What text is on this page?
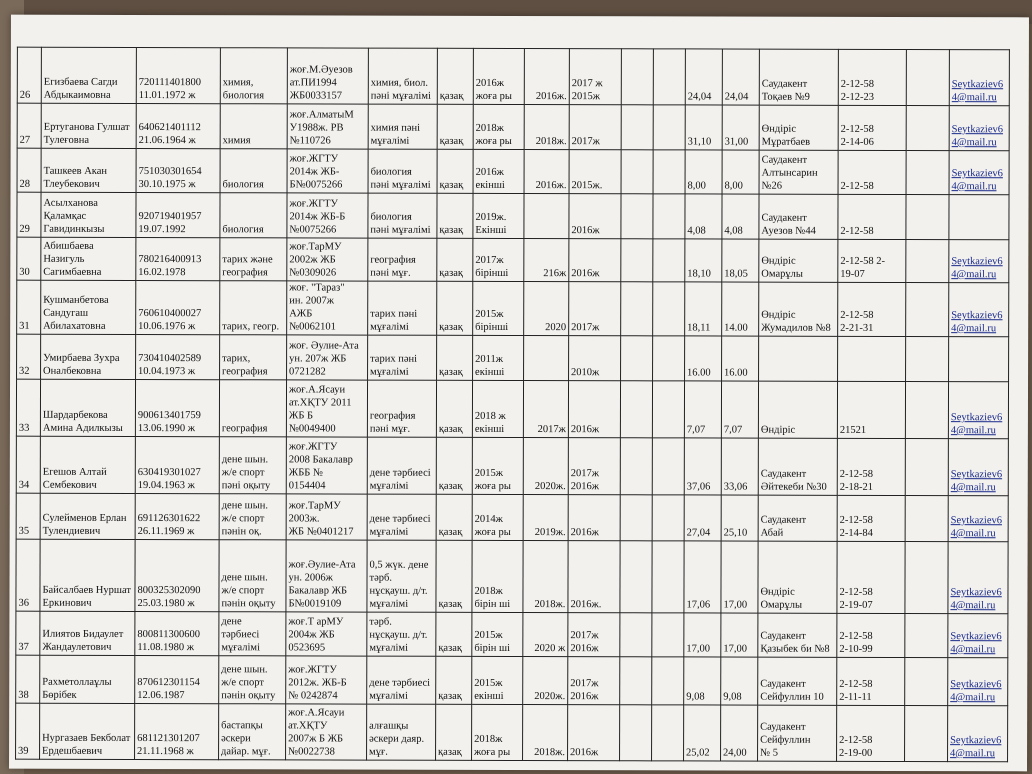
26	Егизбаева Сагди Абдыкаимовна	720111401800
11.01.1972 ж	химия,
биология	жоғ.М.Әуезов
ат.ПИ1994
ЖБ0033157	химия, биол.
пәні мұғалімі	қазақ	2016ж
жоға ры	2016ж.	2017 ж
2015ж			24,04	24,04	Саудакент
Тоқаев №9	2-12-58
2-12-23		Seytkaziev6
4@mail.ru
27	Ертуганова Гулшат
Тулеғовна	640621401112
21.06.1964 ж	химия	жоғ.АлматыМ
У1988ж. РВ
№110726	химия пәні
мұғалімі	қазақ	2018ж
жоға ры	2018ж.	2017ж			31,10	31,00	Өндіріс
Мұратбаев	2-12-58
2-14-06		Seytkaziev6
4@mail.ru
28	Ташкеев Акан
Тлеубекович	751030301654
30.10.1975 ж	биология	жоғ.ЖГТУ
2014ж ЖБ-
Б№0075266	биология
пәні мұғалімі	қазақ	2016ж
екінші	2016ж.	2015ж.			8,00	8,00	Саудакент
Алтынсарин
№26	2-12-58		Seytkaziev6
4@mail.ru
29	Асылханова
Қаламқас
Гавидинкызы	920719401957
19.07.1992	биология	жоғ.ЖГТУ
2014ж ЖБ-Б
№0075266	биология
пәні мұғалімі	қазақ	2019ж.
Екінші		2016ж			4,08	4,08	Саудакент
Ауезов №44	2-12-58		
30	Абишбаева
Назигуль
Сагимбаевна	780216400913
16.02.1978	тарих және
география	жоғ.ТарМУ
2002ж ЖБ
№0309026	география
пәні мұғ.	қазақ	2017ж
бірінші	216ж	2016ж			18,10	18,05	Өндіріс
Омарұлы	2-12-58 2-
19-07		Seytkaziev6
4@mail.ru
31	Кушманбетова
Сандугаш
Абилахатовна	760610400027
10.06.1976 ж	тарих, геогр.	жоғ. "Тараз"
ин. 2007ж
АЖБ
№0062101	тарих пәні
мұғалімі	қазақ	2015ж
бірінші	2020	2017ж			18,11	14.00	Өндіріс
Жумадилов №8	2-12-58
2-21-31		Seytkaziev6
4@mail.ru
32	Умирбаева Зухра
Оналбековна	730410402589
10.04.1973 ж	тарих,
география	жоғ. Әулие-Ата
ун. 207ж ЖБ
0721282	тарих пәні
мұғалімі	қазақ	2011ж
екінші		2010ж			16.00	16.00				
33	Шардарбекова
Амина Адилкызы	900613401759
13.06.1990 ж	география	жоғ.А.Ясауи
ат.ХҚТУ 2011
ЖБ Б
№0049400	география
пәні мұғ.	қазақ	2018 ж
екінші	2017ж	2016ж			7,07	7,07	Өндіріс	21521		Seytkaziev6
4@mail.ru
34	Егешов Алтай
Сембекович	630419301027
19.04.1963 ж	дене шын.
ж/е спорт
пәні оқыту	жоғ.ЖГТУ
2008 Бакалавр
ЖББ №
0154404	дене тәрбиесі
мұғалімі	қазақ	2015ж
жоға ры	2020ж.	2017ж
2016ж			37,06	33,06	Саудакент
Әйтекеби №30	2-12-58
2-18-21		Seytkaziev6
4@mail.ru
35	Сулейменов Ерлан
Тулендиевич	691126301622
26.11.1969 ж	дене шын.
ж/е спорт
пәнін оқ.	жоғ.ТарМУ
2003ж.
ЖБ №0401217	дене тәрбиесі
мұғалімі	қазақ	2014ж
жоға ры	2019ж.	2016ж			27,04	25,10	Саудакент
Абай	2-12-58
2-14-84		Seytkaziev6
4@mail.ru
36	Байсалбаев Нуршат
Еркинович	800325302090
25.03.1980 ж	дене шын.
ж/е спорт
пәнін оқыту	жоғ.Әулие-Ата
ун. 2006ж
Бакалавр ЖБ
Б№0019109	0,5 жүк. дене
тәрб.
нұсқауш. д/т.
мұғалімі	қазақ	2018ж
бірін ші	2018ж.	2016ж.			17,06	17,00	Өндіріс
Омарұлы	2-12-58
2-19-07		Seytkaziev6
4@mail.ru
37	Илиятов Бидаулет
Жандаулетович	800811300600
11.08.1980 ж	дене
тәрбиесі
мұғалімі	жоғ.Т арМУ
2004ж ЖБ
0523695	тәрб.
нұсқауш. д/т.
мұғалімі	қазақ	2015ж
бірін ші	2020 ж	2017ж
2016ж			17,00	17,00	Саудакент
Қазыбек би №8	2-12-58
2-10-99		Seytkaziev6
4@mail.ru
38	Рахметоллаұлы
Бөрібек	870612301154
12.06.1987	дене шын.
ж/е спорт
пәнін оқыту	жоғ.ЖГТУ
2012ж. ЖБ-Б
№ 0242874	дене тәрбиесі
мұғалімі	қазақ	2015ж
екінші	2020ж.	2017ж
2016ж			9,08	9,08	Саудакент
Сейфуллин 10	2-12-58
2-11-11		Seytkaziev6
4@mail.ru
39	Нургазаев Бекболат
Ердешбаевич	681121301207
21.11.1968 ж	бастапқы
әскери
дайар. мұғ.	жоғ.А.Ясауи
ат.ХҚТУ
2007ж Б ЖБ
№0022738	алғашқы
әскери даяр.
мұғ.	қазақ	2018ж
жоға ры	2018ж.	2016ж			25,02	24,00	Саудакент
Сейфуллин
№ 5	2-12-58
2-19-00		Seytkaziev6
4@mail.ru
